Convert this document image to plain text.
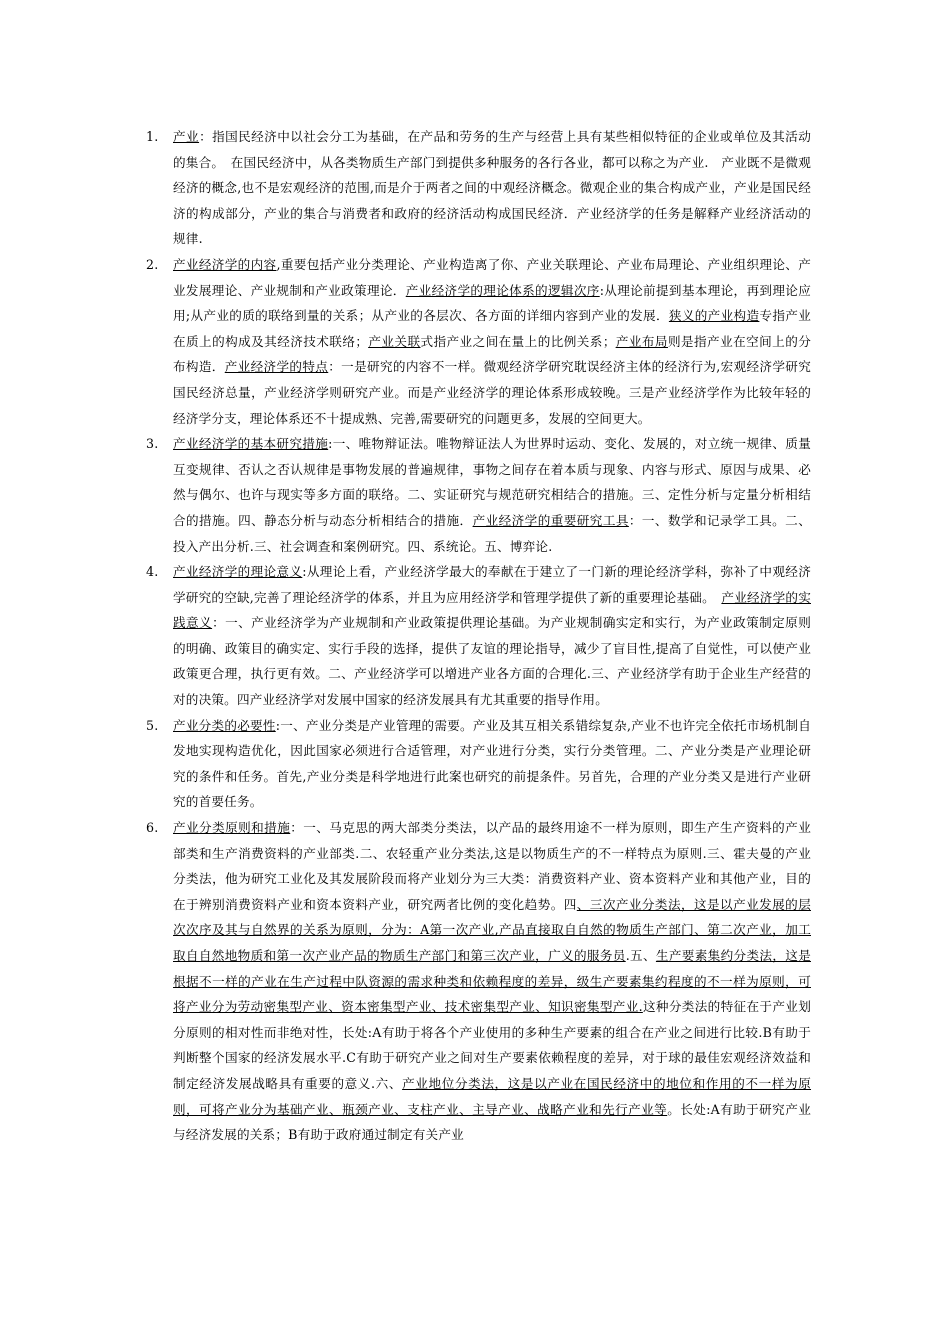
1. 产业：指国民经济中以社会分工为基础，在产品和劳务的生产与经营上具有某些相似特征的企业或单位及其活动的集合。　在国民经济中，从各类物质生产部门到提供多种服务的各行各业，都可以称之为产业.　产业既不是微观经济的概念,也不是宏观经济的范围,而是介于两者之间的中观经济概念。微观企业的集合构成产业，产业是国民经济的构成部分，产业的集合与消费者和政府的经济活动构成国民经济．产业经济学的任务是解释产业经济活动的规律.
2. 产业经济学的内容,重要包括产业分类理论、产业构造离了你、产业关联理论、产业布局理论、产业组织理论、产业发展理论、产业规制和产业政策理论．产业经济学的理论体系的逻辑次序:从理论前提到基本理论，再到理论应用;从产业的质的联络到量的关系；从产业的各层次、各方面的详细内容到产业的发展．狭义的产业构造专指产业在质上的构成及其经济技术联络；产业关联式指产业之间在量上的比例关系；产业布局则是指产业在空间上的分布构造．产业经济学的特点：一是研究的内容不一样。微观经济学研究耽误经济主体的经济行为,宏观经济学研究国民经济总量，产业经济学则研究产业。而是产业经济学的理论体系形成较晚。三是产业经济学作为比较年轻的经济学分支，理论体系还不十提成熟、完善,需要研究的问题更多，发展的空间更大。
3. 产业经济学的基本研究措施:一、唯物辩证法。唯物辩证法人为世界时运动、变化、发展的，对立统一规律、质量互变规律、否认之否认规律是事物发展的普遍规律，事物之间存在着本质与现象、内容与形式、原因与成果、必然与偶尔、也许与现实等多方面的联络。二、实证研究与规范研究相结合的措施。三、定性分析与定量分析相结合的措施。四、静态分析与动态分析相结合的措施．产业经济学的重要研究工具：一、数学和记录学工具。二、投入产出分析.三、社会调查和案例研究。四、系统论。五、博弈论.
4. 产业经济学的理论意义:从理论上看，产业经济学最大的奉献在于建立了一门新的理论经济学科，弥补了中观经济学研究的空缺,完善了理论经济学的体系，并且为应用经济学和管理学提供了新的重要理论基础。　产业经济学的实践意义：一、产业经济学为产业规制和产业政策提供理论基础。为产业规制确实定和实行，为产业政策制定原则的明确、政策目的确实定、实行手段的选择，提供了友谊的理论指导，减少了盲目性,提高了自觉性，可以使产业政策更合理，执行更有效。二、产业经济学可以增进产业各方面的合理化.三、产业经济学有助于企业生产经营的对的决策。四产业经济学对发展中国家的经济发展具有尤其重要的指导作用。
5. 产业分类的必要性:一、产业分类是产业管理的需要。产业及其互相关系错综复杂,产业不也许完全依托市场机制自发地实现构造优化，因此国家必须进行合适管理，对产业进行分类，实行分类管理。二、产业分类是产业理论研究的条件和任务。首先,产业分类是科学地进行此案也研究的前提条件。另首先，合理的产业分类又是进行产业研究的首要任务。
6. 产业分类原则和措施：一、马克思的两大部类分类法，以产品的最终用途不一样为原则，即生产生产资料的产业部类和生产消费资料的产业部类.二、农轻重产业分类法,这是以物质生产的不一样特点为原则.三、霍夫曼的产业分类法，他为研究工业化及其发展阶段而将产业划分为三大类：消费资料产业、资本资料产业和其他产业，目的在于辨别消费资料产业和资本资料产业，研究两者比例的变化趋势。四、三次产业分类法，这是以产业发展的层次次序及其与自然界的关系为原则，分为：A第一次产业,产品直接取自自然的物质生产部门、第二次产业，加工取自自然地物质和第一次产业产品的物质生产部门和第三次产业，广义的服务员.五、生产要素集约分类法，这是根据不一样的产业在生产过程中队资源的需求种类和依赖程度的差异，级生产要素集约程度的不一样为原则，可将产业分为劳动密集型产业、资本密集型产业、技术密集型产业、知识密集型产业.这种分类法的特征在于产业划分原则的相对性而非绝对性，长处:A有助于将各个产业使用的多种生产要素的组合在产业之间进行比较.B有助于判断整个国家的经济发展水平.C有助于研究产业之间对生产要素依赖程度的差异，对于球的最佳宏观经济效益和制定经济发展战略具有重要的意义.六、产业地位分类法，这是以产业在国民经济中的地位和作用的不一样为原则，可将产业分为基础产业、瓶颈产业、支柱产业、主导产业、战略产业和先行产业等。长处:A有助于研究产业与经济发展的关系；B有助于政府通过制定有关产业
